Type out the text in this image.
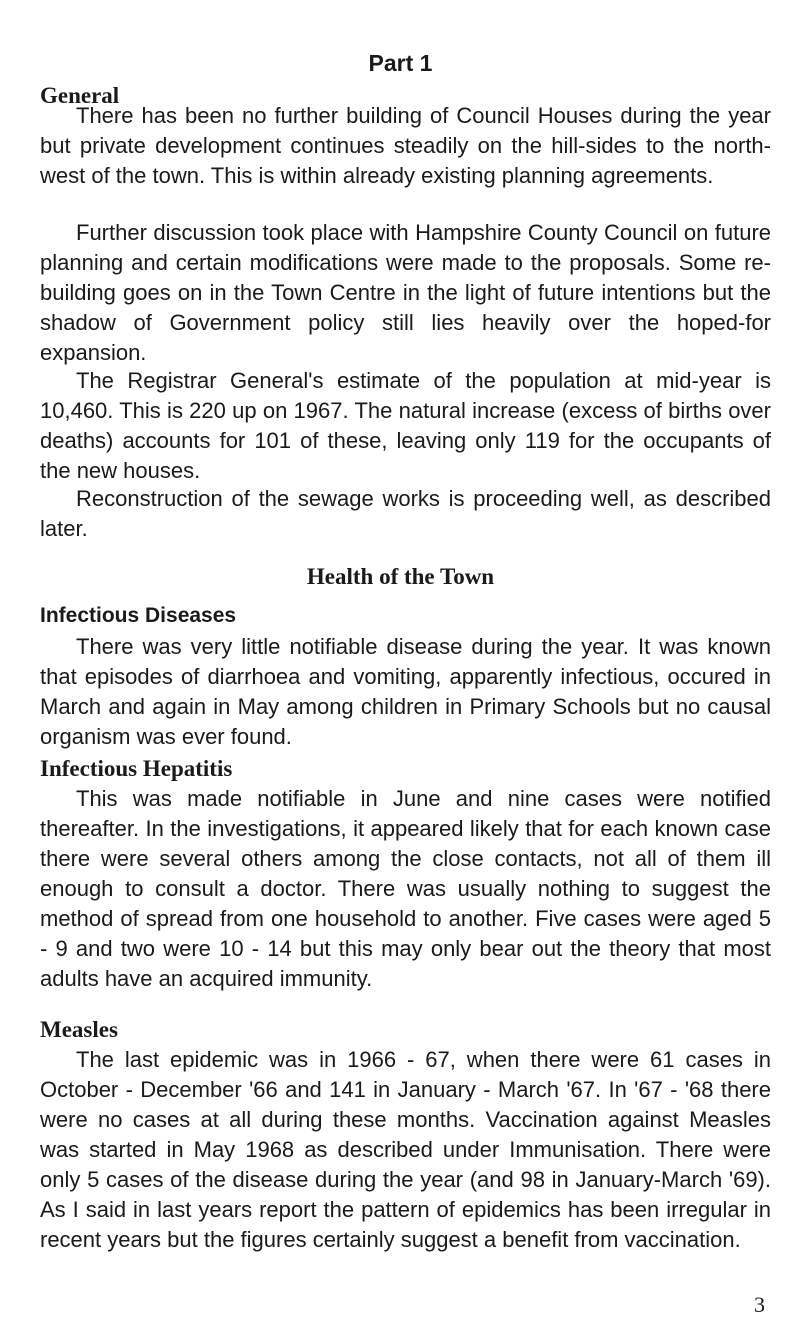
Part 1
General

There has been no further building of Council Houses during the year but private development continues steadily on the hill-sides to the north-west of the town. This is within already existing planning agreements.

Further discussion took place with Hampshire County Council on future planning and certain modifications were made to the proposals. Some re-building goes on in the Town Centre in the light of future intentions but the shadow of Government policy still lies heavily over the hoped-for expansion.

The Registrar General's estimate of the population at mid-year is 10,460. This is 220 up on 1967. The natural increase (excess of births over deaths) accounts for 101 of these, leaving only 119 for the occupants of the new houses.

Reconstruction of the sewage works is proceeding well, as described later.

Health of the Town
Infectious Diseases

There was very little notifiable disease during the year. It was known that episodes of diarrhoea and vomiting, apparently infectious, occured in March and again in May among children in Primary Schools but no causal organism was ever found.

Infectious Hepatitis

This was made notifiable in June and nine cases were notified thereafter. In the investigations, it appeared likely that for each known case there were several others among the close contacts, not all of them ill enough to consult a doctor. There was usually nothing to suggest the method of spread from one household to another. Five cases were aged 5 - 9 and two were 10 - 14 but this may only bear out the theory that most adults have an acquired immunity.

Measles

The last epidemic was in 1966 - 67, when there were 61 cases in October - December '66 and 141 in January - March '67. In '67 - '68 there were no cases at all during these months. Vaccination against Measles was started in May 1968 as described under Immunisation. There were only 5 cases of the disease during the year (and 98 in January-March '69). As I said in last years report the pattern of epidemics has been irregular in recent years but the figures certainly suggest a benefit from vaccination.

3
